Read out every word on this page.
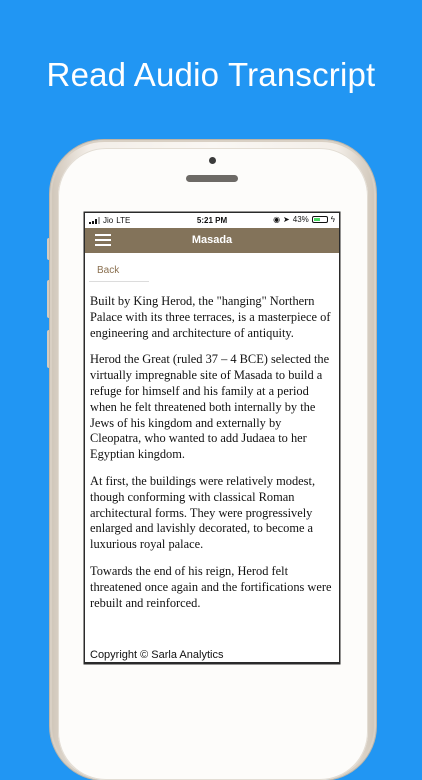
Read Audio Transcript
Jio LTE	5:21 PM	◉ ➤ 43%	ϟ
Masada
Back

Built by King Herod, the "hanging" Northern Palace with its three terraces, is a masterpiece of engineering and architecture of antiquity.

Herod the Great (ruled 37 – 4 BCE) selected the virtually impregnable site of Masada to build a refuge for himself and his family at a period when he felt threatened both internally by the Jews of his kingdom and externally by Cleopatra, who wanted to add Judaea to her Egyptian kingdom.

At first, the buildings were relatively modest, though conforming with classical Roman architectural forms. They were progressively enlarged and lavishly decorated, to become a luxurious royal palace.

Towards the end of his reign, Herod felt threatened once again and the fortifications were rebuilt and reinforced.

Copyright © Sarla Analytics
